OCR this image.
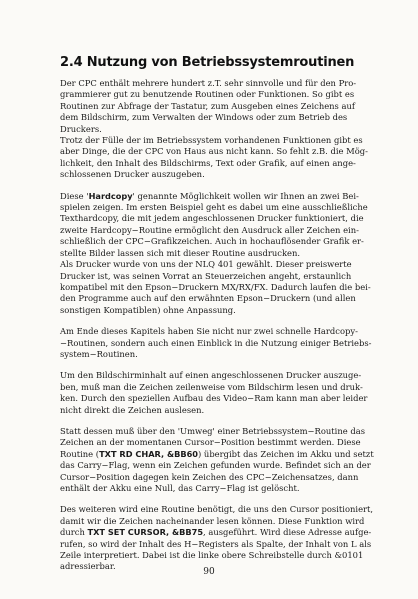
2.4 Nutzung von Betriebssystemroutinen

Der CPC enthält mehrere hundert z.T. sehr sinnvolle und für den Pro-
grammierer gut zu benutzende Routinen oder Funktionen. So gibt es
Routinen zur Abfrage der Tastatur, zum Ausgeben eines Zeichens auf
dem Bildschirm, zum Verwalten der Windows oder zum Betrieb des
Druckers.
Trotz der Fülle der im Betriebssystem vorhandenen Funktionen gibt es
aber Dinge, die der CPC von Haus aus nicht kann. So fehlt z.B. die Mög-
lichkeit, den Inhalt des Bildschirms, Text oder Grafik, auf einen ange-
schlossenen Drucker auszugeben.

Diese 'Hardcopy' genannte Möglichkeit wollen wir Ihnen an zwei Bei-
spielen zeigen. Im ersten Beispiel geht es dabei um eine ausschließliche
Texthardcopy, die mit jedem angeschlossenen Drucker funktioniert, die
zweite Hardcopy−Routine ermöglicht den Ausdruck aller Zeichen ein-
schließlich der CPC−Grafikzeichen. Auch in hochauflösender Grafik er-
stellte Bilder lassen sich mit dieser Routine ausdrucken.
Als Drucker wurde von uns der NLQ 401 gewählt. Dieser preiswerte
Drucker ist, was seinen Vorrat an Steuerzeichen angeht, erstaunlich
kompatibel mit den Epson−Druckern MX/RX/FX. Dadurch laufen die bei-
den Programme auch auf den erwähnten Epson−Druckern (und allen
sonstigen Kompatiblen) ohne Anpassung.

Am Ende dieses Kapitels haben Sie nicht nur zwei schnelle Hardcopy-
−Routinen, sondern auch einen Einblick in die Nutzung einiger Betriebs-
system−Routinen.

Um den Bildschirminhalt auf einen angeschlossenen Drucker auszuge-
ben, muß man die Zeichen zeilenweise vom Bildschirm lesen und druk-
ken. Durch den speziellen Aufbau des Video−Ram kann man aber leider
nicht direkt die Zeichen auslesen.

Statt dessen muß über den 'Umweg' einer Betriebssystem−Routine das
Zeichen an der momentanen Cursor−Position bestimmt werden. Diese
Routine (TXT RD CHAR, &BB60) übergibt das Zeichen im Akku und setzt
das Carry−Flag, wenn ein Zeichen gefunden wurde. Befindet sich an der
Cursor−Position dagegen kein Zeichen des CPC−Zeichensatzes, dann
enthält der Akku eine Null, das Carry−Flag ist gelöscht.

Des weiteren wird eine Routine benötigt, die uns den Cursor positioniert,
damit wir die Zeichen nacheinander lesen können. Diese Funktion wird
durch TXT SET CURSOR, &BB75, ausgeführt. Wird diese Adresse aufge-
rufen, so wird der Inhalt des H−Registers als Spalte, der Inhalt von L als
Zeile interpretiert. Dabei ist die linke obere Schreibstelle durch &0101
adressierbar.

90
